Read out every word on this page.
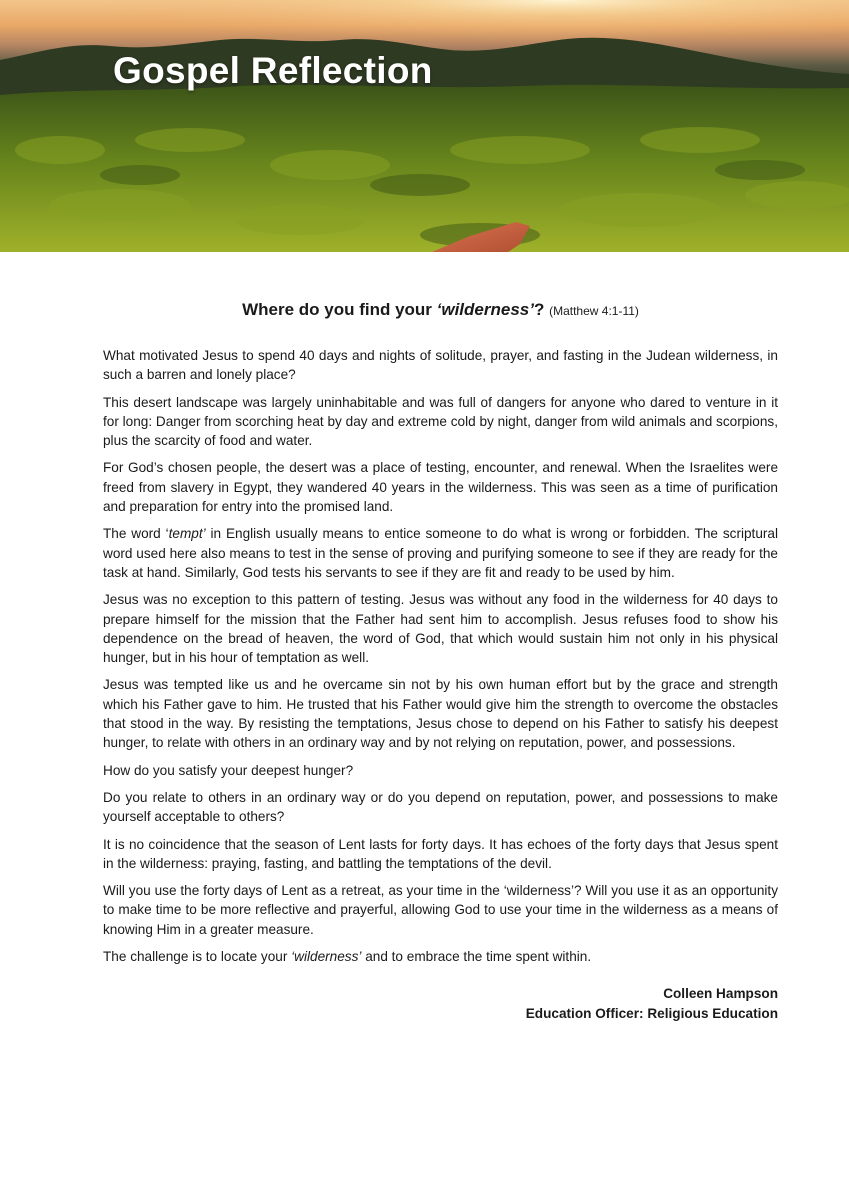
Gospel Reflection
Where do you find your ‘wilderness’? (Matthew 4:1-11)

What motivated Jesus to spend 40 days and nights of solitude, prayer, and fasting in the Judean wilderness, in such a barren and lonely place?

This desert landscape was largely uninhabitable and was full of dangers for anyone who dared to venture in it for long: Danger from scorching heat by day and extreme cold by night, danger from wild animals and scorpions, plus the scarcity of food and water.

For God’s chosen people, the desert was a place of testing, encounter, and renewal. When the Israelites were freed from slavery in Egypt, they wandered 40 years in the wilderness. This was seen as a time of purification and preparation for entry into the promised land.

The word ‘tempt’ in English usually means to entice someone to do what is wrong or forbidden. The scriptural word used here also means to test in the sense of proving and purifying someone to see if they are ready for the task at hand. Similarly, God tests his servants to see if they are fit and ready to be used by him.

Jesus was no exception to this pattern of testing. Jesus was without any food in the wilderness for 40 days to prepare himself for the mission that the Father had sent him to accomplish. Jesus refuses food to show his dependence on the bread of heaven, the word of God, that which would sustain him not only in his physical hunger, but in his hour of temptation as well.

Jesus was tempted like us and he overcame sin not by his own human effort but by the grace and strength which his Father gave to him. He trusted that his Father would give him the strength to overcome the obstacles that stood in the way. By resisting the temptations, Jesus chose to depend on his Father to satisfy his deepest hunger, to relate with others in an ordinary way and by not relying on reputation, power, and possessions.

How do you satisfy your deepest hunger?

Do you relate to others in an ordinary way or do you depend on reputation, power, and possessions to make yourself acceptable to others?

It is no coincidence that the season of Lent lasts for forty days. It has echoes of the forty days that Jesus spent in the wilderness: praying, fasting, and battling the temptations of the devil.

Will you use the forty days of Lent as a retreat, as your time in the ‘wilderness’? Will you use it as an opportunity to make time to be more reflective and prayerful, allowing God to use your time in the wilderness as a means of knowing Him in a greater measure.

The challenge is to locate your ‘wilderness’ and to embrace the time spent within.

Colleen Hampson
Education Officer: Religious Education
